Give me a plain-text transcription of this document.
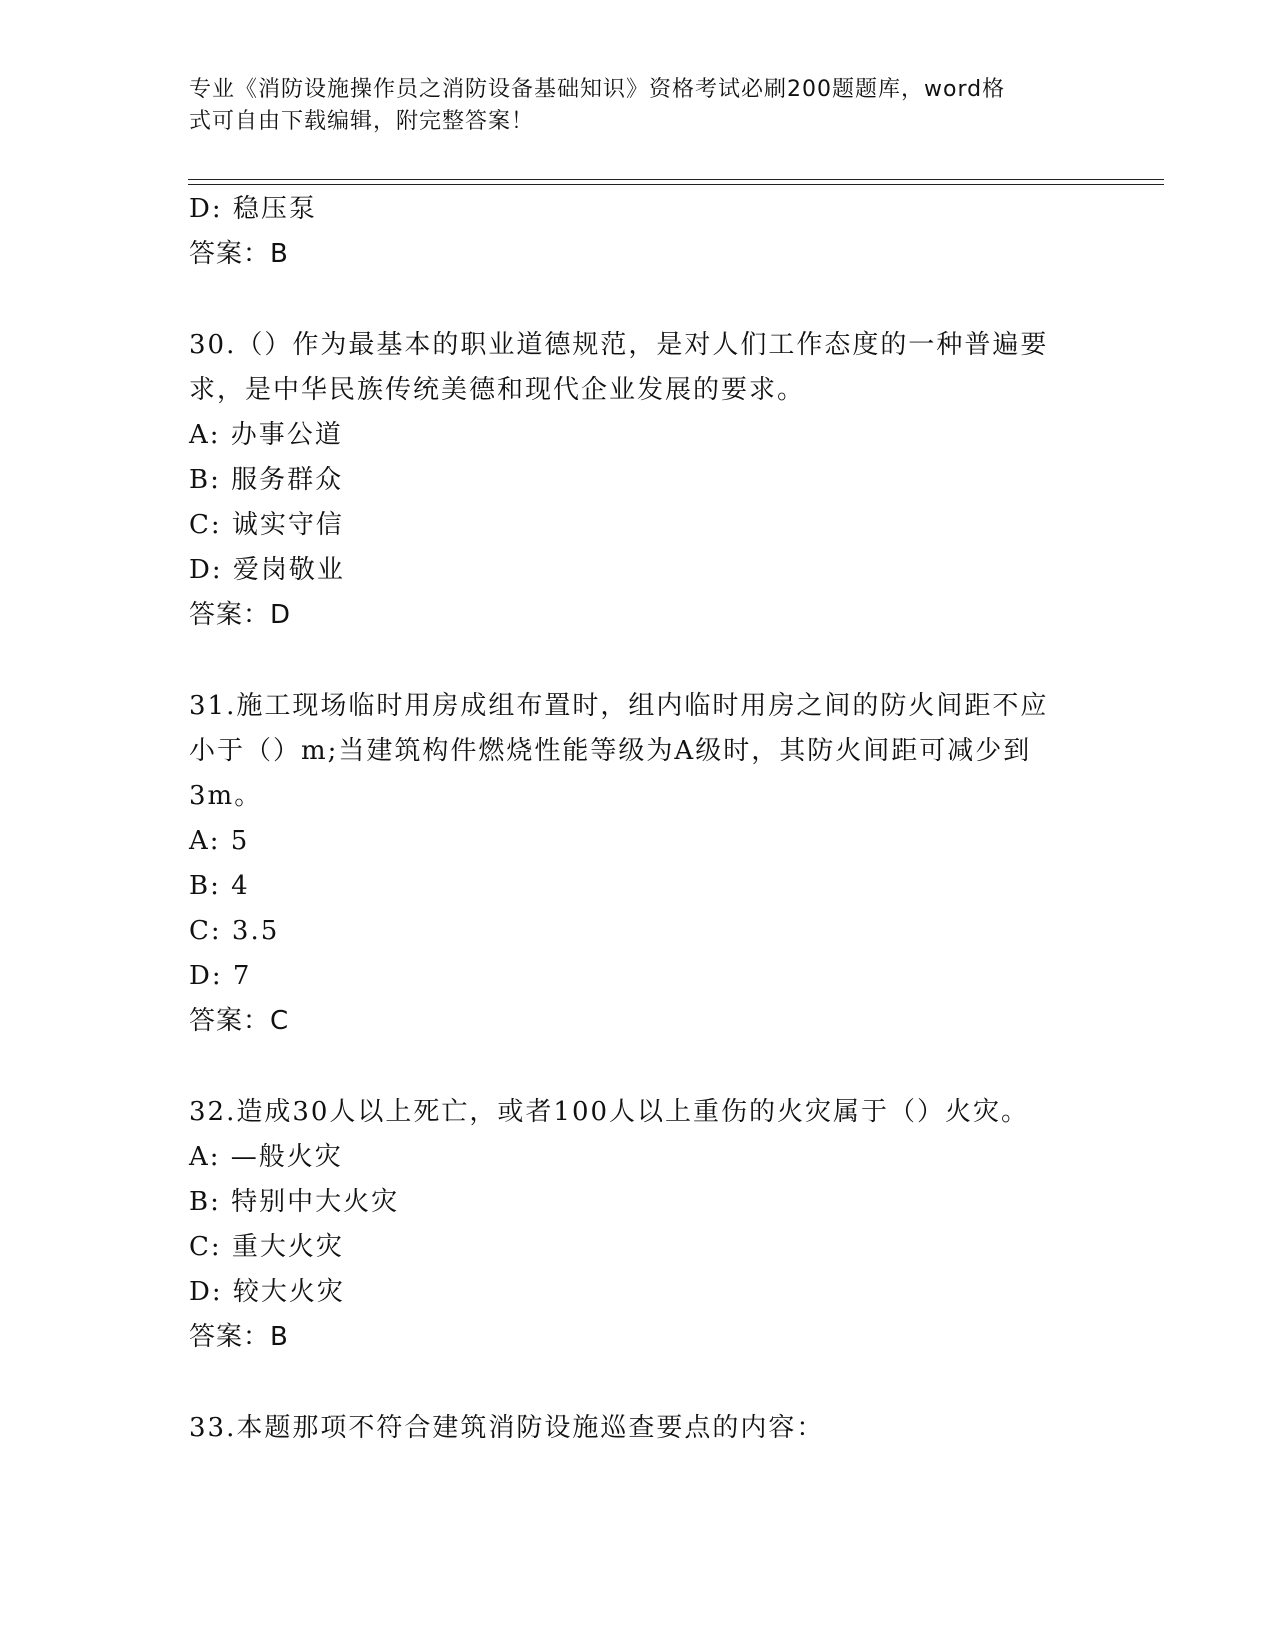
专业《消防设施操作员之消防设备基础知识》资格考试必刷200题题库，word格
式可自由下载编辑，附完整答案！
D: 稳压泵
答案：B
30.（）作为最基本的职业道德规范，是对人们工作态度的一种普遍要
求，是中华民族传统美德和现代企业发展的要求。
A: 办事公道
B: 服务群众
C: 诚实守信
D: 爱岗敬业
答案：D
31.施工现场临时用房成组布置时，组内临时用房之间的防火间距不应
小于（）m;当建筑构件燃烧性能等级为A级时，其防火间距可减少到
3m。
A: 5
B: 4
C: 3.5
D: 7
答案：C
32.造成30人以上死亡，或者100人以上重伤的火灾属于（）火灾。
A: —般火灾
B: 特别中大火灾
C: 重大火灾
D: 较大火灾
答案：B
33.本题那项不符合建筑消防设施巡查要点的内容：
